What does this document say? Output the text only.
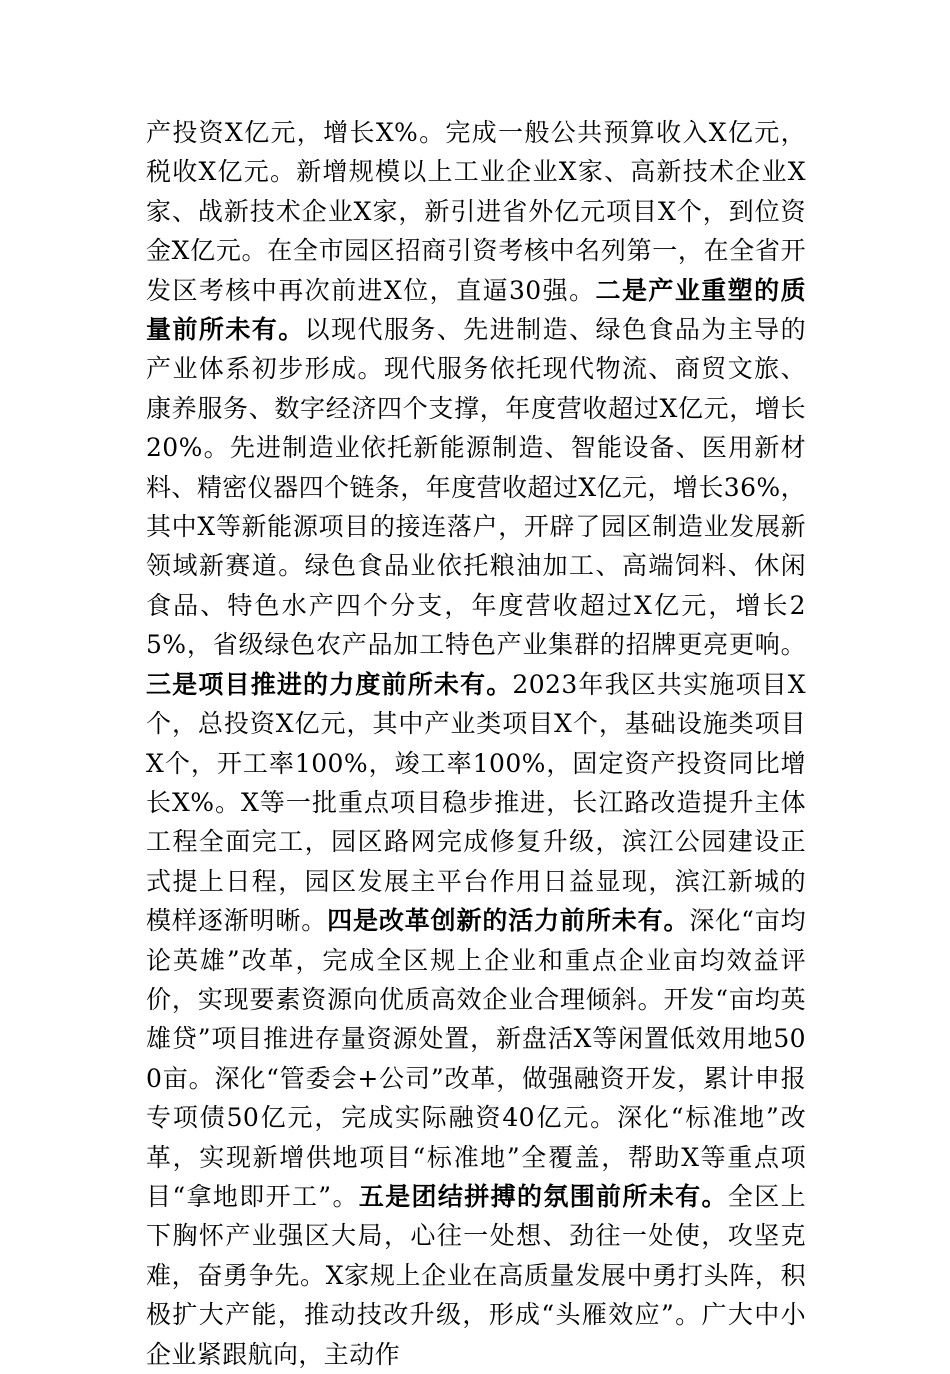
产投资X亿元，增长X%。完成一般公共预算收入X亿元，税收X亿元。新增规模以上工业企业X家、高新技术企业X家、战新技术企业X家，新引进省外亿元项目X个，到位资金X亿元。在全市园区招商引资考核中名列第一，在全省开发区考核中再次前进X位，直逼30强。二是产业重塑的质量前所未有。以现代服务、先进制造、绿色食品为主导的产业体系初步形成。现代服务依托现代物流、商贸文旅、康养服务、数字经济四个支撑，年度营收超过X亿元，增长20%。先进制造业依托新能源制造、智能设备、医用新材料、精密仪器四个链条，年度营收超过X亿元，增长36%，其中X等新能源项目的接连落户，开辟了园区制造业发展新领域新赛道。绿色食品业依托粮油加工、高端饲料、休闲食品、特色水产四个分支，年度营收超过X亿元，增长25%，省级绿色农产品加工特色产业集群的招牌更亮更响。三是项目推进的力度前所未有。2023年我区共实施项目X个，总投资X亿元，其中产业类项目X个，基础设施类项目X个，开工率100%，竣工率100%，固定资产投资同比增长X%。X等一批重点项目稳步推进，长江路改造提升主体工程全面完工，园区路网完成修复升级，滨江公园建设正式提上日程，园区发展主平台作用日益显现，滨江新城的模样逐渐明晰。四是改革创新的活力前所未有。深化“亩均论英雄”改革，完成全区规上企业和重点企业亩均效益评价，实现要素资源向优质高效企业合理倾斜。开发“亩均英雄贷”项目推进存量资源处置，新盘活X等闲置低效用地500亩。深化“管委会+公司”改革，做强融资开发，累计申报专项债50亿元，完成实际融资40亿元。深化“标准地”改革，实现新增供地项目“标准地”全覆盖，帮助X等重点项目“拿地即开工”。五是团结拼搏的氛围前所未有。全区上下胸怀产业强区大局，心往一处想、劲往一处使，攻坚克难，奋勇争先。X家规上企业在高质量发展中勇打头阵，积极扩大产能，推动技改升级，形成“头雁效应”。广大中小企业紧跟航向，主动作
